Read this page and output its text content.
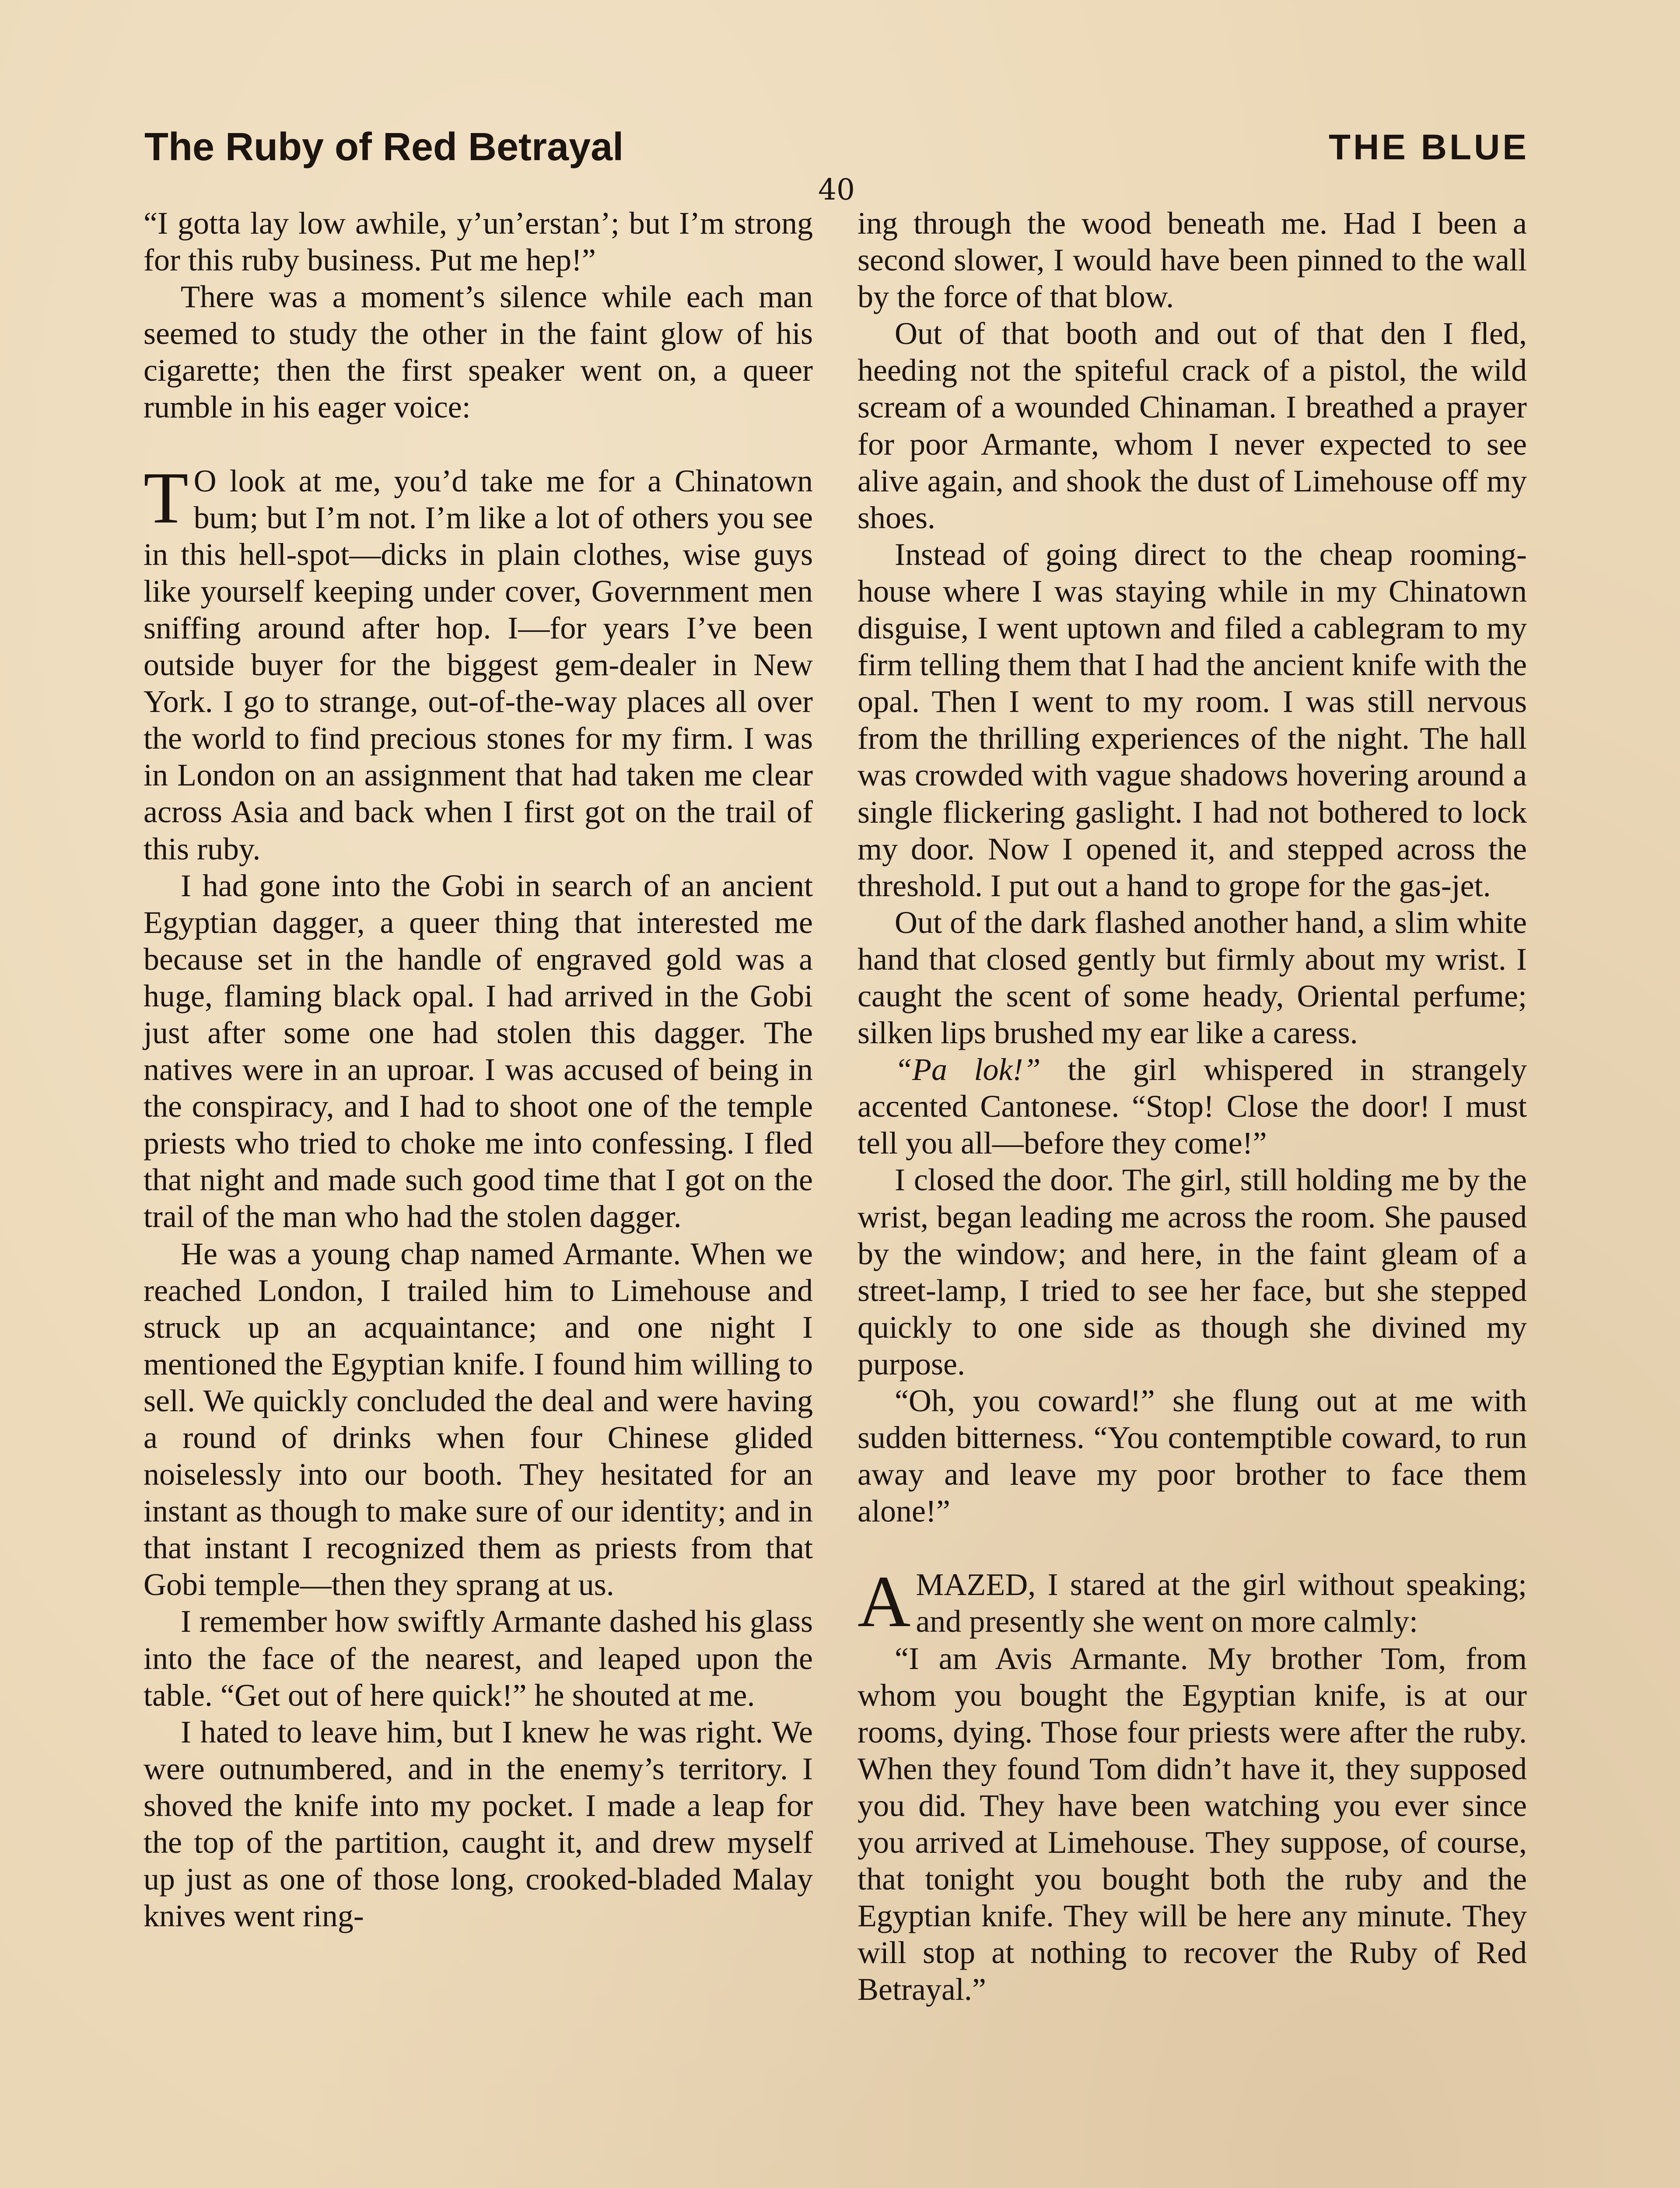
The Ruby of Red Betrayal	THE BLUE
40

“I gotta lay low awhile, y’un’erstan’; but I’m strong for this ruby business. Put me hep!”

There was a moment’s silence while each man seemed to study the other in the faint glow of his cigarette; then the first speaker went on, a queer rumble in his eager voice:

T O look at me, you’d take me for a Chinatown bum; but I’m not. I’m like a lot of others you see in this hell-spot—dicks in plain clothes, wise guys like yourself keeping under cover, Government men sniffing around after hop. I—for years I’ve been outside buyer for the biggest gem-dealer in New York. I go to strange, out-of-the-way places all over the world to find precious stones for my firm. I was in London on an assignment that had taken me clear across Asia and back when I first got on the trail of this ruby.

I had gone into the Gobi in search of an ancient Egyptian dagger, a queer thing that interested me because set in the handle of engraved gold was a huge, flaming black opal. I had arrived in the Gobi just after some one had stolen this dagger. The natives were in an uproar. I was accused of being in the conspiracy, and I had to shoot one of the temple priests who tried to choke me into confessing. I fled that night and made such good time that I got on the trail of the man who had the stolen dagger.

He was a young chap named Armante. When we reached London, I trailed him to Limehouse and struck up an acquaintance; and one night I mentioned the Egyptian knife. I found him willing to sell. We quickly concluded the deal and were having a round of drinks when four Chinese glided noiselessly into our booth. They hesitated for an instant as though to make sure of our identity; and in that instant I recognized them as priests from that Gobi temple—then they sprang at us.

I remember how swiftly Armante dashed his glass into the face of the nearest, and leaped upon the table. “Get out of here quick!” he shouted at me.

I hated to leave him, but I knew he was right. We were outnumbered, and in the enemy’s territory. I shoved the knife into my pocket. I made a leap for the top of the partition, caught it, and drew myself up just as one of those long, crooked-bladed Malay knives went ring-

ing through the wood beneath me. Had I been a second slower, I would have been pinned to the wall by the force of that blow.

Out of that booth and out of that den I fled, heeding not the spiteful crack of a pistol, the wild scream of a wounded Chinaman. I breathed a prayer for poor Armante, whom I never expected to see alive again, and shook the dust of Limehouse off my shoes.

Instead of going direct to the cheap rooming-house where I was staying while in my Chinatown disguise, I went uptown and filed a cablegram to my firm telling them that I had the ancient knife with the opal. Then I went to my room. I was still nervous from the thrilling experiences of the night. The hall was crowded with vague shadows hovering around a single flickering gaslight. I had not bothered to lock my door. Now I opened it, and stepped across the threshold. I put out a hand to grope for the gas-jet.

Out of the dark flashed another hand, a slim white hand that closed gently but firmly about my wrist. I caught the scent of some heady, Oriental perfume; silken lips brushed my ear like a caress.

“Pa lok!” the girl whispered in strangely accented Cantonese. “Stop! Close the door! I must tell you all—before they come!”

I closed the door. The girl, still holding me by the wrist, began leading me across the room. She paused by the window; and here, in the faint gleam of a street-lamp, I tried to see her face, but she stepped quickly to one side as though she divined my purpose.

“Oh, you coward!” she flung out at me with sudden bitterness. “You contemptible coward, to run away and leave my poor brother to face them alone!”

AMAZED, I stared at the girl without speaking; and presently she went on more calmly:

“I am Avis Armante. My brother Tom, from whom you bought the Egyptian knife, is at our rooms, dying. Those four priests were after the ruby. When they found Tom didn’t have it, they supposed you did. They have been watching you ever since you arrived at Limehouse. They suppose, of course, that tonight you bought both the ruby and the Egyptian knife. They will be here any minute. They will stop at nothing to recover the Ruby of Red Betrayal.”
